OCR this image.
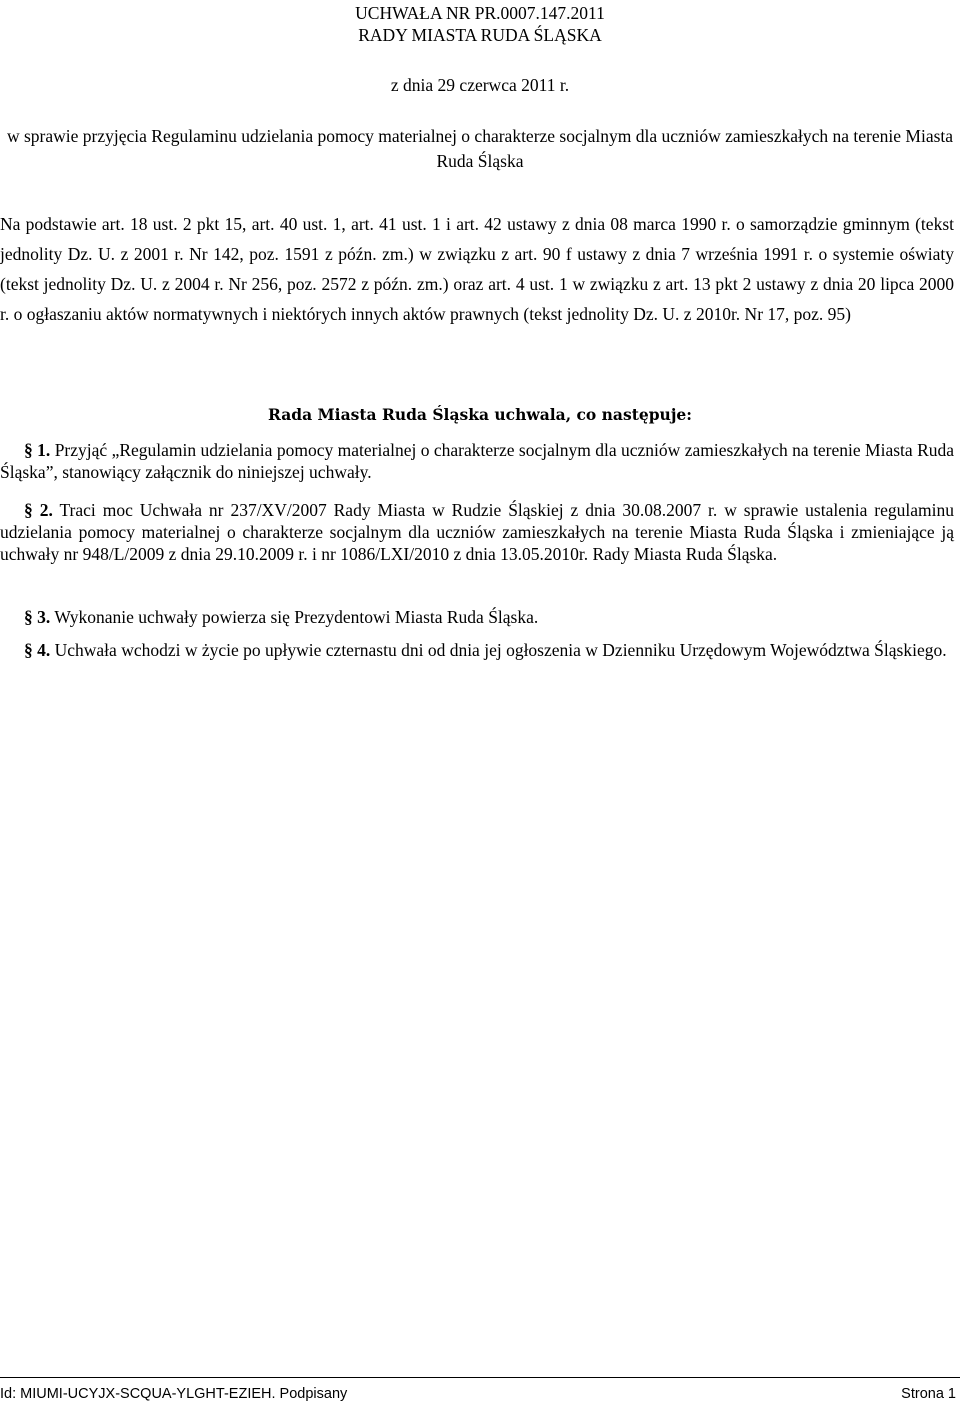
UCHWAŁA NR PR.0007.147.2011
RADY MIASTA RUDA ŚLĄSKA
z dnia 29 czerwca 2011 r.
w sprawie przyjęcia Regulaminu udzielania pomocy materialnej o charakterze socjalnym dla uczniów zamieszkałych na terenie Miasta Ruda Śląska
Na podstawie art. 18 ust. 2 pkt 15, art. 40 ust. 1, art. 41 ust. 1 i art. 42 ustawy z dnia 08 marca 1990 r. o samorządzie gminnym (tekst jednolity Dz. U. z 2001 r. Nr 142, poz. 1591 z późn. zm.) w związku z art. 90 f ustawy z dnia 7 września 1991 r. o systemie oświaty (tekst jednolity Dz. U. z 2004 r. Nr 256, poz. 2572 z późn. zm.) oraz art. 4 ust. 1 w związku z art. 13 pkt 2 ustawy z dnia 20 lipca 2000 r. o ogłaszaniu aktów normatywnych i niektórych innych aktów prawnych (tekst jednolity Dz. U. z 2010r. Nr 17, poz. 95)
Rada Miasta Ruda Śląska uchwala, co następuje:
§ 1. Przyjąć „Regulamin udzielania pomocy materialnej o charakterze socjalnym dla uczniów zamieszkałych na terenie Miasta Ruda Śląska”, stanowiący załącznik do niniejszej uchwały.
§ 2. Traci moc Uchwała nr 237/XV/2007 Rady Miasta w Rudzie Śląskiej z dnia 30.08.2007 r. w sprawie ustalenia regulaminu udzielania pomocy materialnej o charakterze socjalnym dla uczniów zamieszkałych na terenie Miasta Ruda Śląska i zmieniające ją uchwały nr 948/L/2009 z dnia 29.10.2009 r. i nr 1086/LXI/2010 z dnia 13.05.2010r. Rady Miasta Ruda Śląska.
§ 3. Wykonanie uchwały powierza się Prezydentowi Miasta Ruda Śląska.
§ 4. Uchwała wchodzi w życie po upływie czternastu dni od dnia jej ogłoszenia w Dzienniku Urzędowym Województwa Śląskiego.
Id: MIUMI-UCYJX-SCQUA-YLGHT-EZIEH. Podpisany	Strona 1
